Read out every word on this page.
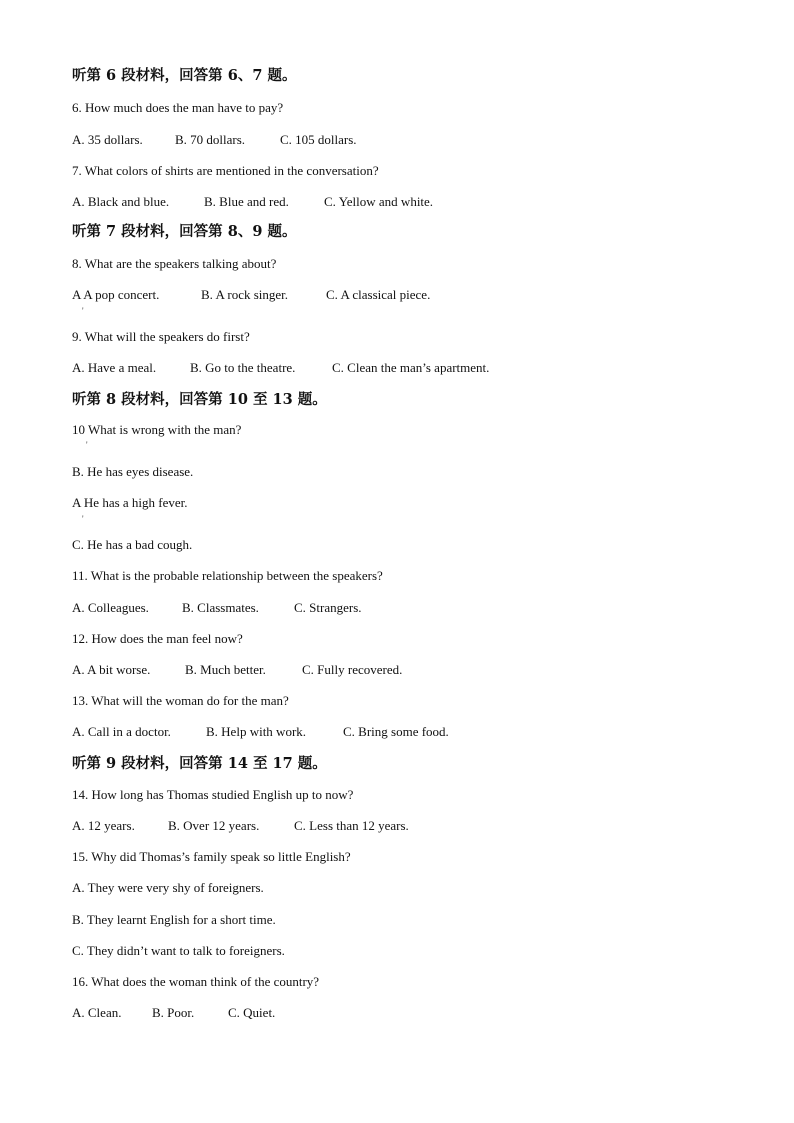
听第 6 段材料，回答第 6、7 题。
6. How much does the man have to pay?
A. 35 dollars. B. 70 dollars.	C. 105 dollars.
7. What colors of shirts are mentioned in the conversation?
A. Black and blue.	B. Blue and red.	C. Yellow and white.
听第 7 段材料，回答第 8、9 题。
8. What are the speakers talking about?
A A pop concert.	B. A rock singer.	C. A classical piece.
9. What will the speakers do first?
A. Have a meal.	B. Go to the theatre.	C. Clean the man’s apartment.
听第 8 段材料，回答第 10 至 13 题。
10 What is wrong with the man?
B. He has eyes disease.
A He has a high fever.
C. He has a bad cough.
11. What is the probable relationship between the speakers?
A. Colleagues.	B. Classmates.	C. Strangers.
12. How does the man feel now?
A. A bit worse.	B. Much better.	C. Fully recovered.
13. What will the woman do for the man?
A. Call in a doctor.	B. Help with work.	C. Bring some food.
听第 9 段材料，回答第 14 至 17 题。
14. How long has Thomas studied English up to now?
A. 12 years.	B. Over 12 years.	C. Less than 12 years.
15. Why did Thomas’s family speak so little English?
A. They were very shy of foreigners.
B. They learnt English for a short time.
C. They didn’t want to talk to foreigners.
16. What does the woman think of the country?
A. Clean. B. Poor.	C. Quiet.
'
'
'
